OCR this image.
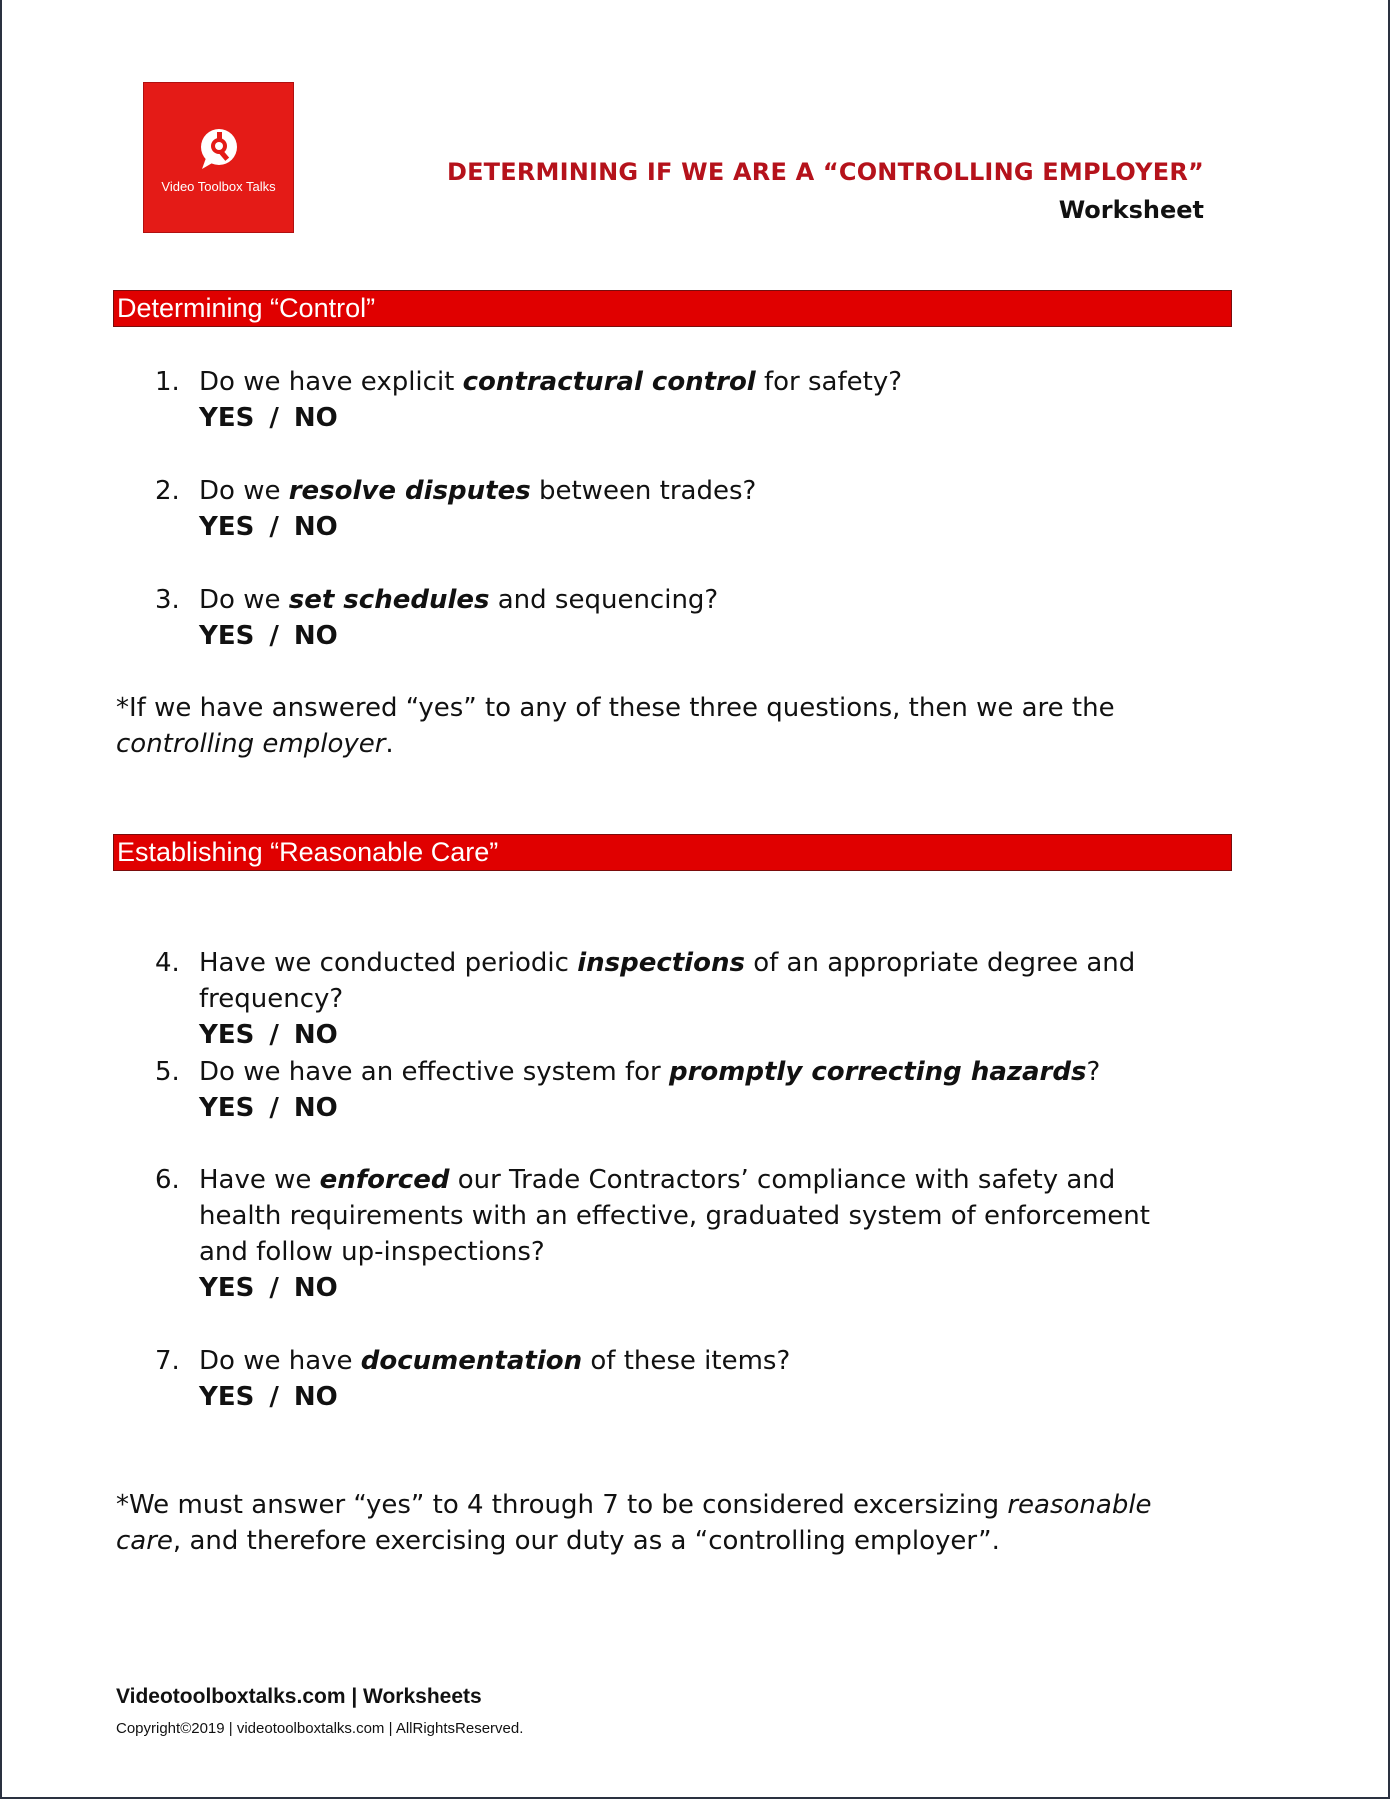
Video Toolbox Talks
DETERMINING IF WE ARE A “CONTROLLING EMPLOYER”
Worksheet
Determining “Control”
1. Do we have explicit contractural control for safety?
YES / NO
2. Do we resolve disputes between trades?
YES / NO
3. Do we set schedules and sequencing?
YES / NO
*If we have answered “yes” to any of these three questions, then we are the controlling employer.
Establishing “Reasonable Care”
4. Have we conducted periodic inspections of an appropriate degree and frequency?
YES / NO
5. Do we have an effective system for promptly correcting hazards?
YES / NO
6. Have we enforced our Trade Contractors’ compliance with safety and health requirements with an effective, graduated system of enforcement and follow up-inspections?
YES / NO
7. Do we have documentation of these items?
YES / NO
*We must answer “yes” to 4 through 7 to be considered excersizing reasonable care, and therefore exercising our duty as a “controlling employer”.
Videotoolboxtalks.com | Worksheets
Copyright©2019 | videotoolboxtalks.com | AllRightsReserved.
